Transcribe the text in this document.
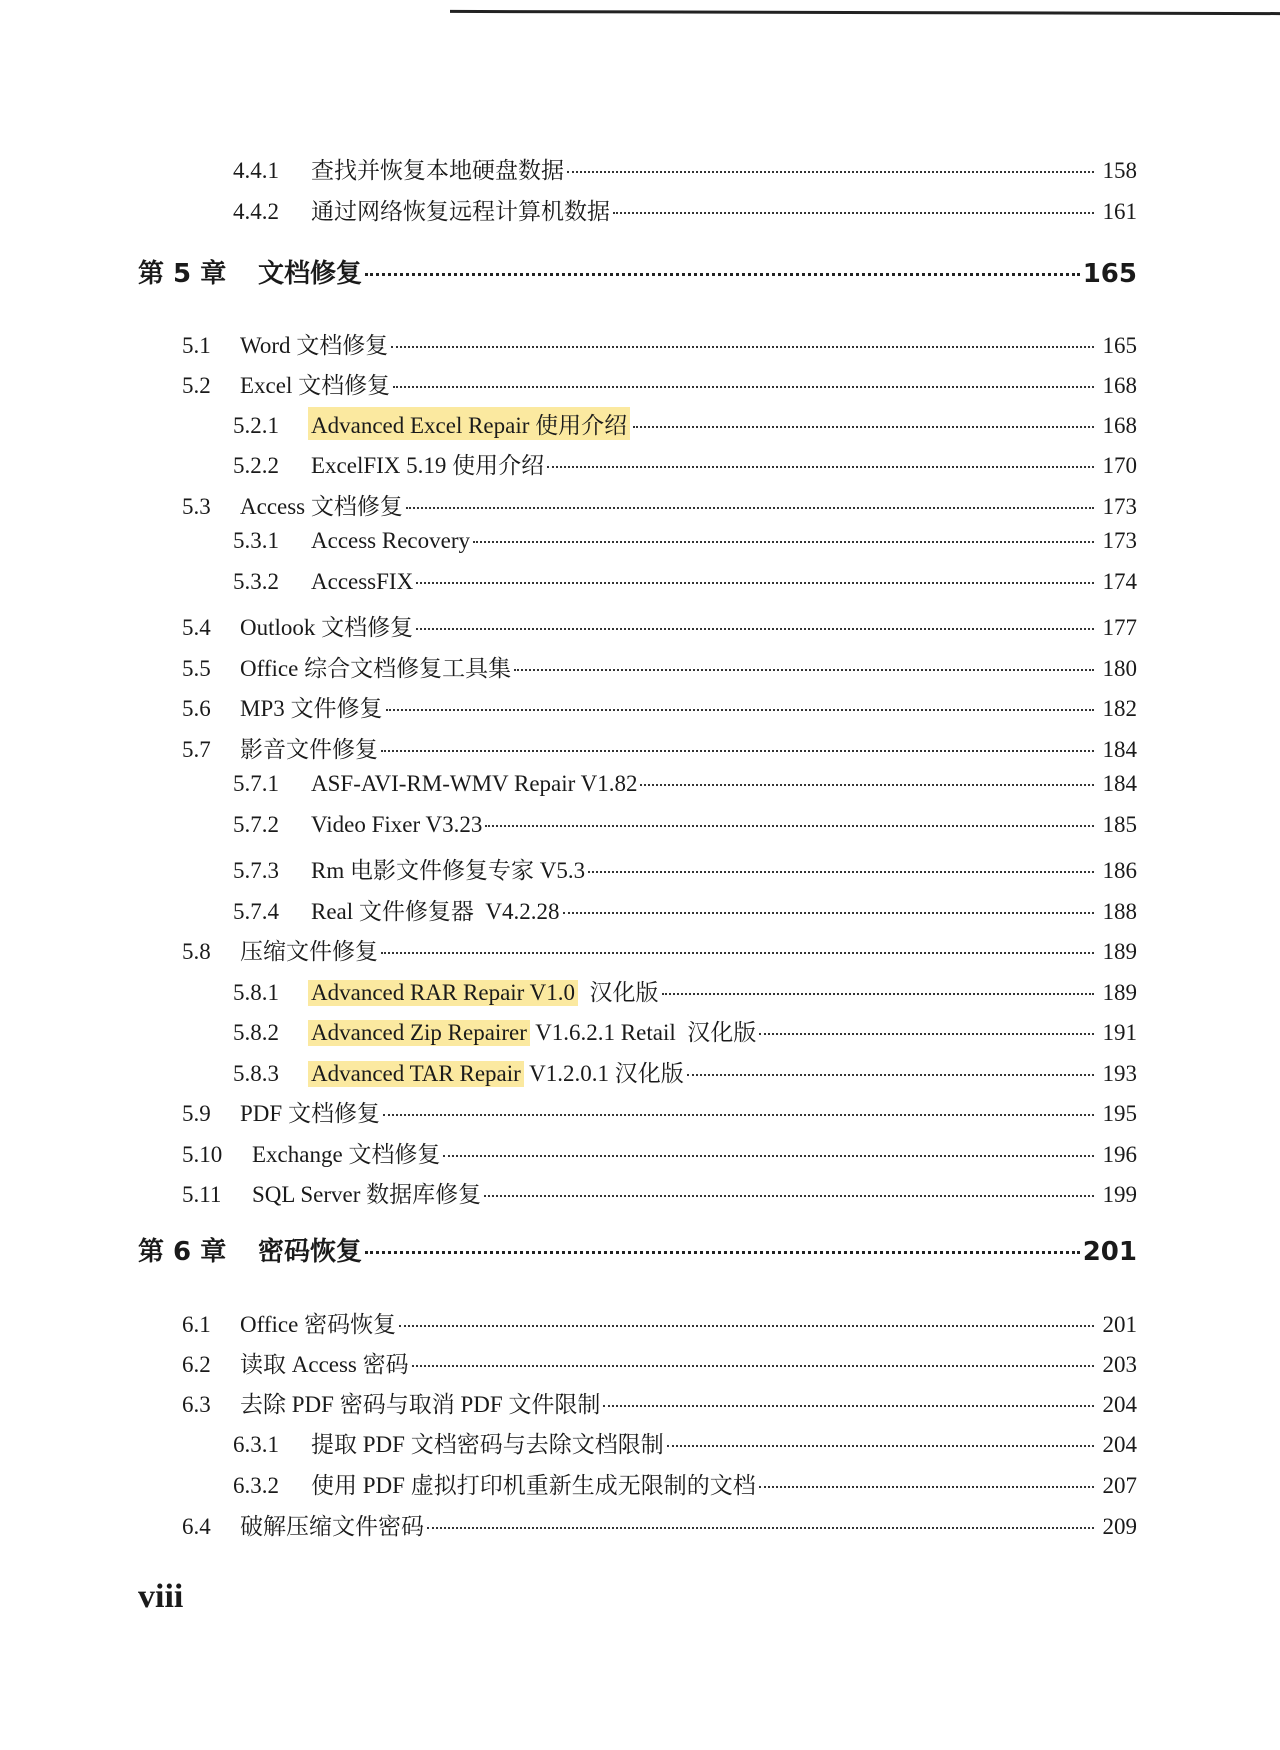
4.4.1	查找并恢复本地硬盘数据	158
4.4.2	通过网络恢复远程计算机数据	161
第 5 章	文档修复	165
5.1	Word 文档修复	165
5.2	Excel 文档修复	168
5.2.1	Advanced Excel Repair 使用介绍	168
5.2.2	ExcelFIX 5.19 使用介绍	170
5.3	Access 文档修复	173
5.3.1	Access Recovery	173
5.3.2	AccessFIX	174
5.4	Outlook 文档修复	177
5.5	Office 综合文档修复工具集	180
5.6	MP3 文件修复	182
5.7	影音文件修复	184
5.7.1	ASF-AVI-RM-WMV Repair V1.82	184
5.7.2	Video Fixer V3.23	185
5.7.3	Rm 电影文件修复专家 V5.3	186
5.7.4	Real 文件修复器  V4.2.28	188
5.8	压缩文件修复	189
5.8.1	Advanced RAR Repair V1.0 汉化版	189
5.8.2	Advanced Zip Repairer V1.6.2.1 Retail  汉化版	191
5.8.3	Advanced TAR Repair V1.2.0.1 汉化版	193
5.9	PDF 文档修复	195
5.10	Exchange 文档修复	196
5.11	SQL Server 数据库修复	199
第 6 章	密码恢复	201
6.1	Office 密码恢复	201
6.2	读取 Access 密码	203
6.3	去除 PDF 密码与取消 PDF 文件限制	204
6.3.1	提取 PDF 文档密码与去除文档限制	204
6.3.2	使用 PDF 虚拟打印机重新生成无限制的文档	207
6.4	破解压缩文件密码	209
viii
